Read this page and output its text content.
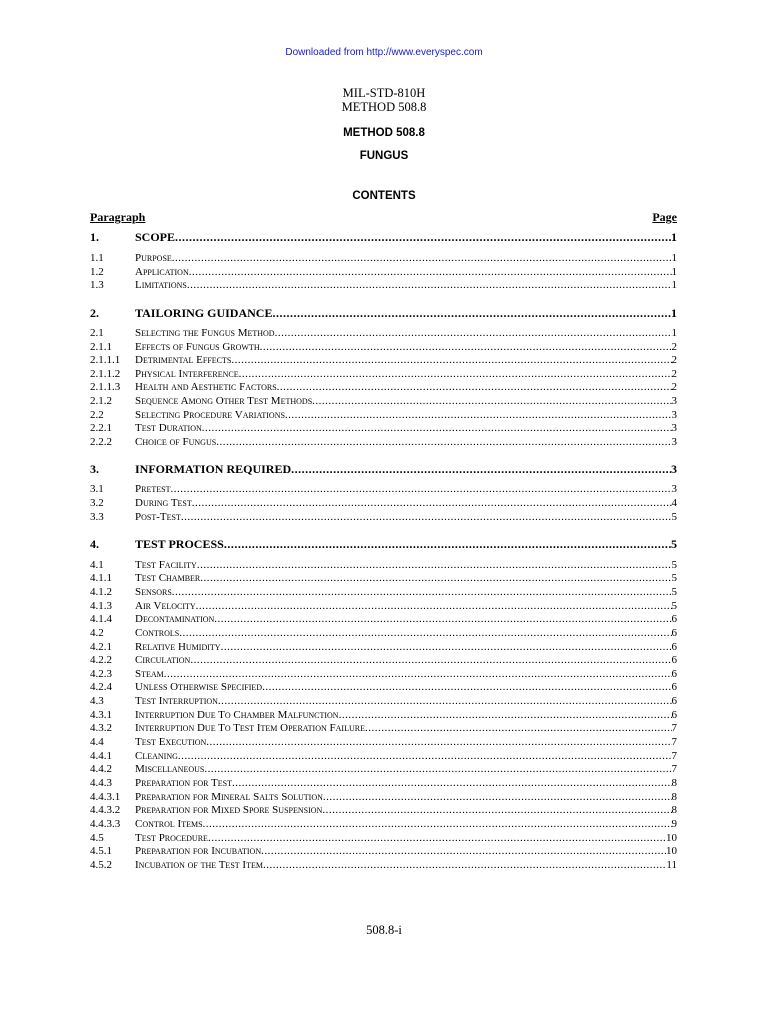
Downloaded from http://www.everyspec.com
MIL-STD-810H
METHOD 508.8
METHOD 508.8
FUNGUS
CONTENTS
Paragraph	Page
1.	SCOPE .....	1
1.1	Purpose .....	1
1.2	Application .....	1
1.3	Limitations .....	1
2.	TAILORING GUIDANCE .....	1
2.1	Selecting the Fungus Method .....	1
2.1.1	Effects of Fungus Growth .....	2
2.1.1.1	Detrimental Effects .....	2
2.1.1.2	Physical Interference .....	2
2.1.1.3	Health and Aesthetic Factors .....	2
2.1.2	Sequence Among Other Test Methods .....	3
2.2	Selecting Procedure Variations .....	3
2.2.1	Test Duration .....	3
2.2.2	Choice of Fungus .....	3
3.	INFORMATION REQUIRED .....	3
3.1	Pretest .....	3
3.2	During Test .....	4
3.3	Post-Test .....	5
4.	TEST PROCESS .....	5
4.1	Test Facility .....	5
4.1.1	Test Chamber .....	5
4.1.2	Sensors .....	5
4.1.3	Air Velocity .....	5
4.1.4	Decontamination .....	6
4.2	Controls .....	6
4.2.1	Relative Humidity .....	6
4.2.2	Circulation .....	6
4.2.3	Steam .....	6
4.2.4	Unless Otherwise Specified .....	6
4.3	Test Interruption .....	6
4.3.1	Interruption Due To Chamber Malfunction .....	6
4.3.2	Interruption Due To Test Item Operation Failure .....	7
4.4	Test Execution .....	7
4.4.1	Cleaning .....	7
4.4.2	Miscellaneous .....	7
4.4.3	Preparation for Test .....	8
4.4.3.1	Preparation for Mineral Salts Solution .....	8
4.4.3.2	Preparation for Mixed Spore Suspension .....	8
4.4.3.3	Control Items .....	9
4.5	Test Procedure .....	10
4.5.1	Preparation for Incubation .....	10
4.5.2	Incubation of the Test Item .....	11
508.8-i
